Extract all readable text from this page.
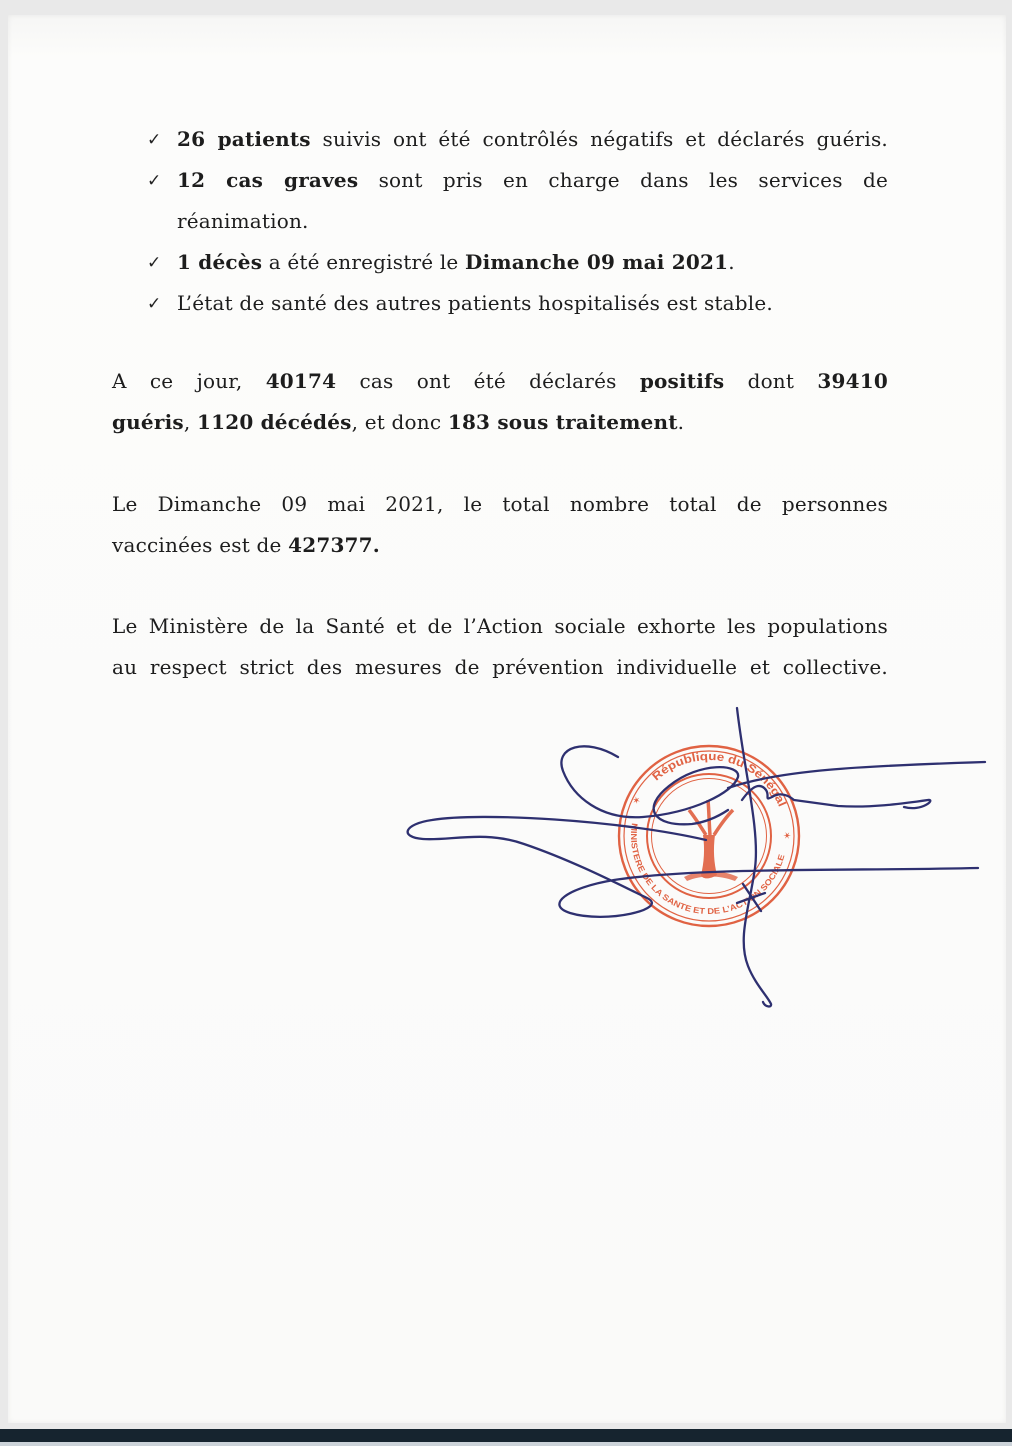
✓ 26 patients suivis ont été contrôlés négatifs et déclarés guéris.
✓ 12 cas graves sont pris en charge dans les services de
réanimation.
✓ 1 décès a été enregistré le Dimanche 09 mai 2021.
✓ L’état de santé des autres patients hospitalisés est stable.
A ce jour, 40174 cas ont été déclarés positifs dont 39410
guéris, 1120 décédés, et donc 183 sous traitement.
Le Dimanche 09 mai 2021, le total nombre total de personnes
vaccinées est de 427377.
Le Ministère de la Santé et de l’Action sociale exhorte les populations
au respect strict des mesures de prévention individuelle et collective.
République du Sénégal
MINISTERE DE LA SANTE ET DE L’ACTION SOCIALE
✶
✶
